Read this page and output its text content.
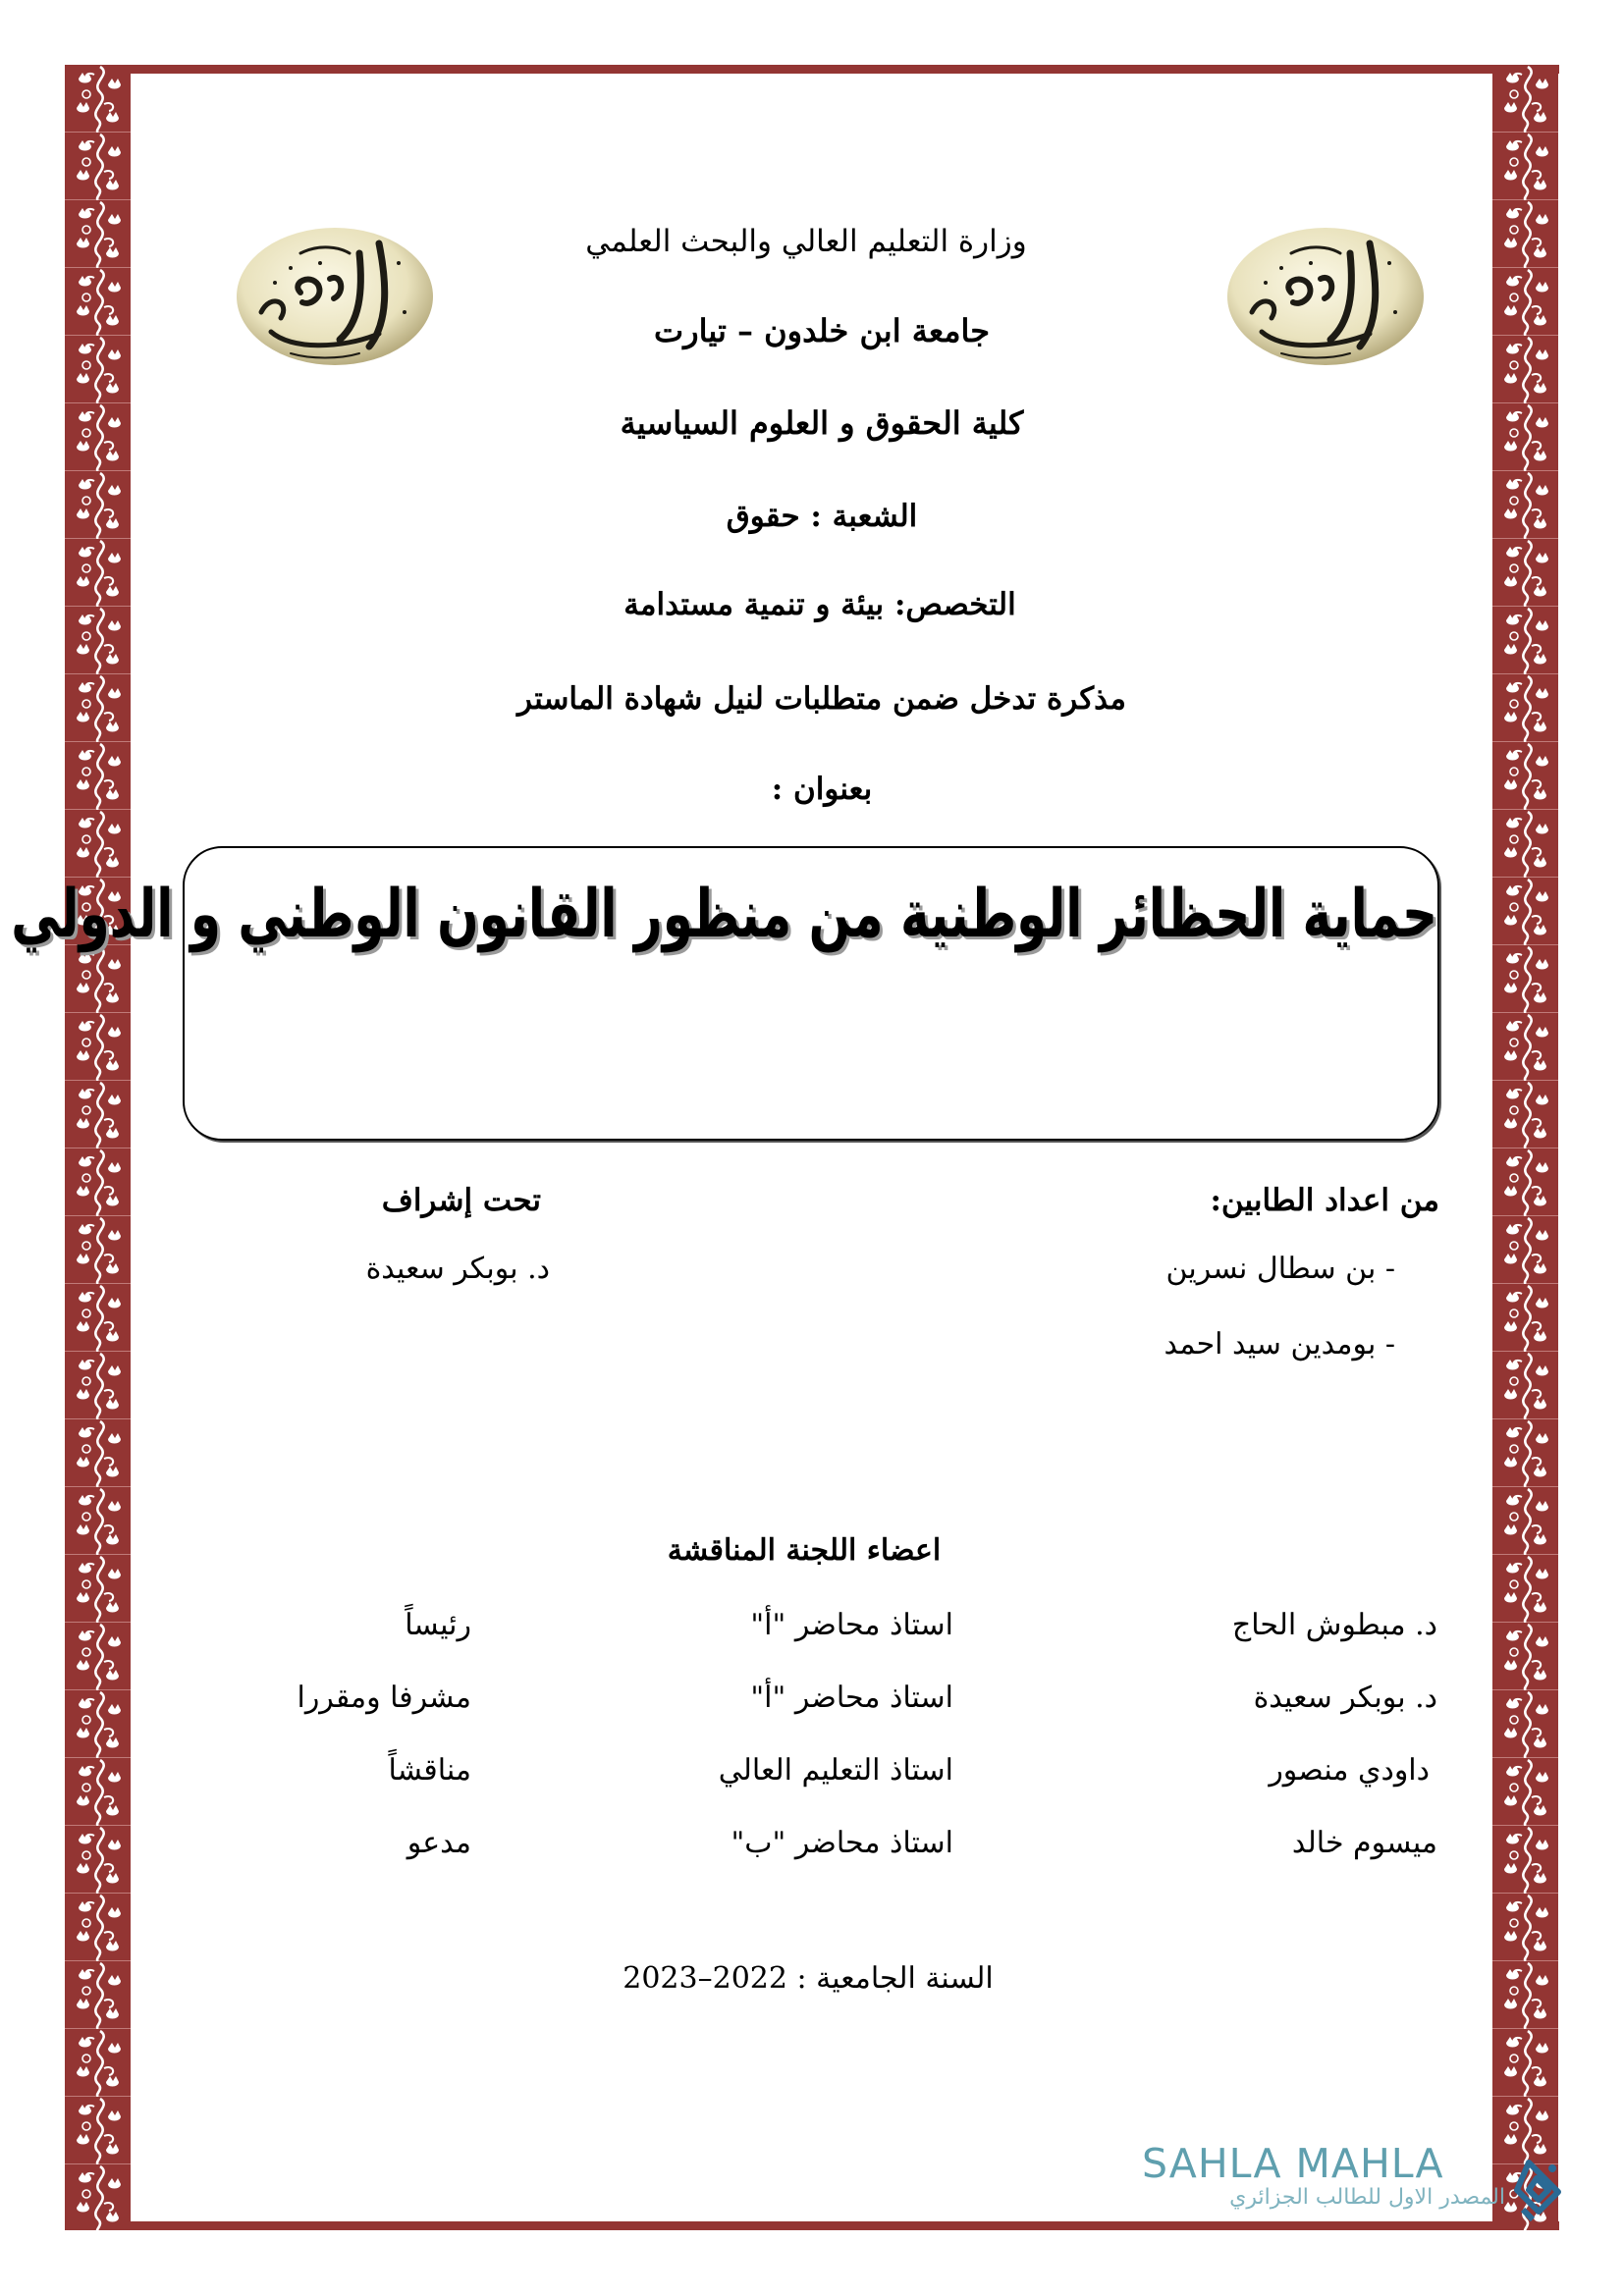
وزارة التعليم العالي والبحث العلمي
جامعة ابن خلدون – تيارت
كلية الحقوق و العلوم السياسية
الشعبة : حقوق
التخصص: بيئة و تنمية مستدامة
مذكرة تدخل ضمن متطلبات لنيل شهادة الماستر
بعنوان :
حماية الحظائر الوطنية من منظور القانون الوطني و الدولي
من اعداد الطابين:
- بن سطال نسرين
- بومدين سيد احمد
تحت إشراف
د. بوبكر سعيدة
اعضاء اللجنة المناقشة
د. مبطوش الحاج
استاذ محاضر "أ"
رئيساً
د. بوبكر سعيدة
استاذ محاضر "أ"
مشرفا ومقررا
داودي منصور
استاذ التعليم العالي
مناقشاً
ميسوم خالد
استاذ محاضر "ب"
مدعو
السنة الجامعية : 2022–2023
SAHLA MAHLA
المصدر الاول للطالب الجزائري
